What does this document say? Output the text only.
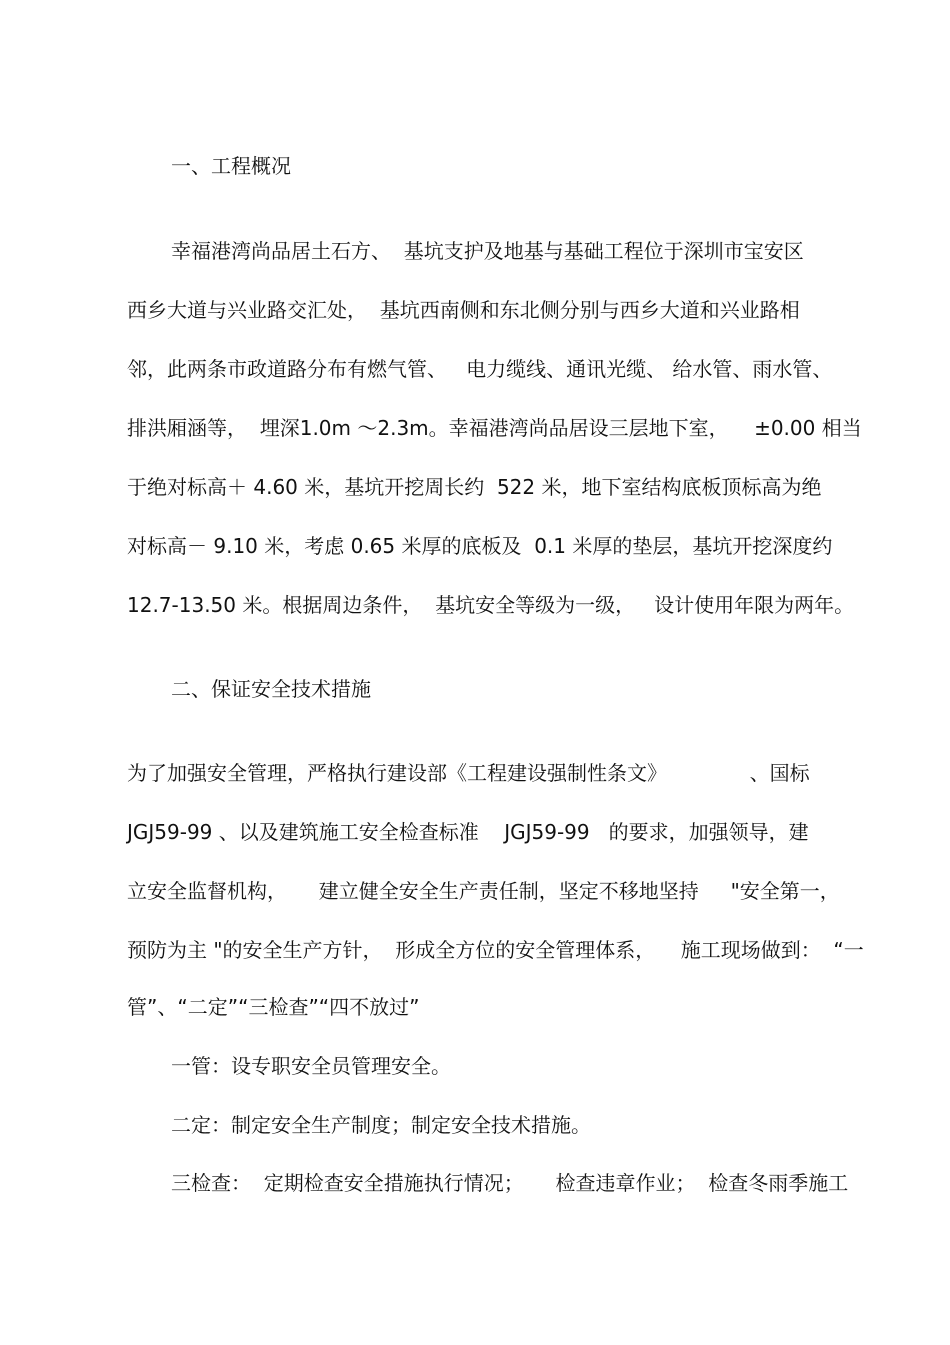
一、工程概况
幸福港湾尚品居土石方、  基坑支护及地基与基础工程位于深圳市宝安区
西乡大道与兴业路交汇处，  基坑西南侧和东北侧分别与西乡大道和兴业路相
邻，此两条市政道路分布有燃气管、   电力缆线、通讯光缆、 给水管、雨水管、
排洪厢涵等，  埋深1.0m ～2.3m。幸福港湾尚品居设三层地下室，    ±0.00 相当
于绝对标高＋ 4.60 米，基坑开挖周长约  522 米，地下室结构底板顶标高为绝
对标高－ 9.10 米，考虑 0.65 米厚的底板及  0.1 米厚的垫层，基坑开挖深度约
12.7-13.50 米。根据周边条件，  基坑安全等级为一级，   设计使用年限为两年。
二、保证安全技术措施
为了加强安全管理，严格执行建设部《工程建设强制性条文》             、国标
JGJ59-99 、以及建筑施工安全检查标准    JGJ59-99   的要求，加强领导，建
立安全监督机构，     建立健全安全生产责任制，坚定不移地坚持     "安全第一，
预防为主 "的安全生产方针，  形成全方位的安全管理体系，    施工现场做到：  “一
管”、“二定”“三检查”“四不放过”
一管：设专职安全员管理安全。
二定：制定安全生产制度；制定安全技术措施。
三检查：  定期检查安全措施执行情况；     检查违章作业；  检查冬雨季施工
